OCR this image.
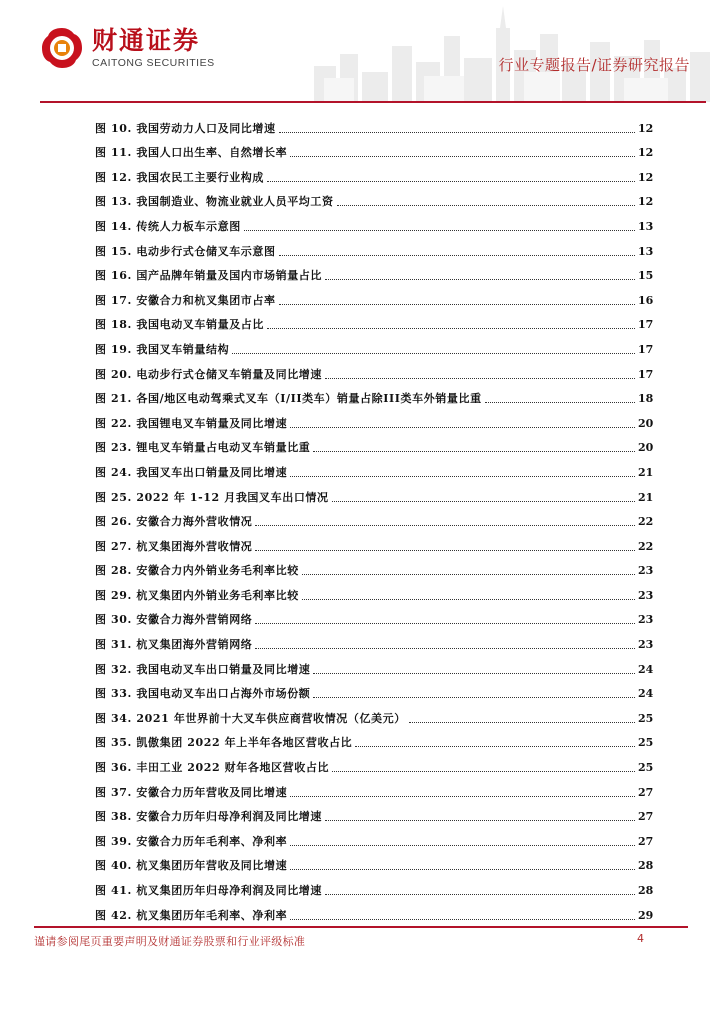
财通证券
CAITONG SECURITIES	行业专题报告/证券研究报告
图 10. 我国劳动力人口及同比增速	12
图 11. 我国人口出生率、自然增长率	12
图 12. 我国农民工主要行业构成	12
图 13. 我国制造业、物流业就业人员平均工资	12
图 14. 传统人力板车示意图	13
图 15. 电动步行式仓储叉车示意图	13
图 16. 国产品牌年销量及国内市场销量占比	15
图 17. 安徽合力和杭叉集团市占率	16
图 18. 我国电动叉车销量及占比	17
图 19. 我国叉车销量结构	17
图 20. 电动步行式仓储叉车销量及同比增速	17
图 21. 各国/地区电动驾乘式叉车（I/II类车）销量占除III类车外销量比重	18
图 22. 我国锂电叉车销量及同比增速	20
图 23. 锂电叉车销量占电动叉车销量比重	20
图 24. 我国叉车出口销量及同比增速	21
图 25. 2022 年 1-12 月我国叉车出口情况	21
图 26. 安徽合力海外营收情况	22
图 27. 杭叉集团海外营收情况	22
图 28. 安徽合力内外销业务毛利率比较	23
图 29. 杭叉集团内外销业务毛利率比较	23
图 30. 安徽合力海外营销网络	23
图 31. 杭叉集团海外营销网络	23
图 32. 我国电动叉车出口销量及同比增速	24
图 33. 我国电动叉车出口占海外市场份额	24
图 34. 2021 年世界前十大叉车供应商营收情况（亿美元）	25
图 35. 凯傲集团 2022 年上半年各地区营收占比	25
图 36. 丰田工业 2022 财年各地区营收占比	25
图 37. 安徽合力历年营收及同比增速	27
图 38. 安徽合力历年归母净利润及同比增速	27
图 39. 安徽合力历年毛利率、净利率	27
图 40. 杭叉集团历年营收及同比增速	28
图 41. 杭叉集团历年归母净利润及同比增速	28
图 42. 杭叉集团历年毛利率、净利率	29
谨请参阅尾页重要声明及财通证券股票和行业评级标准	4
